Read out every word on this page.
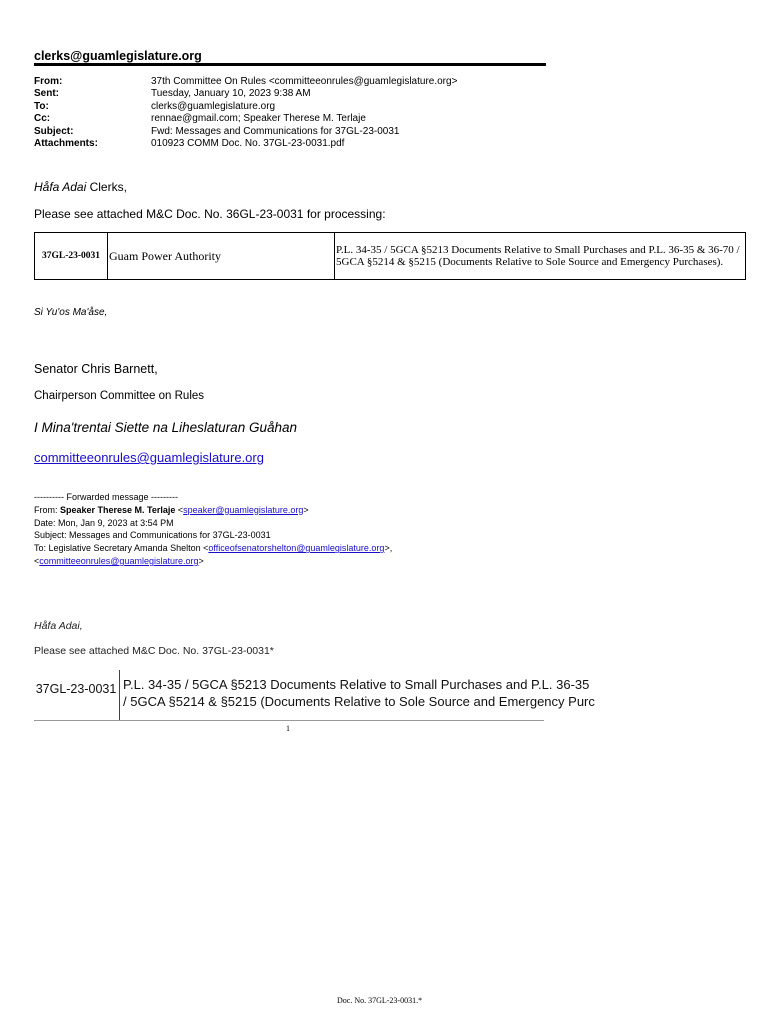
clerks@guamlegislature.org
From:	37th Committee On Rules <committeeonrules@guamlegislature.org>
Sent:	Tuesday, January 10, 2023 9:38 AM
To:	clerks@guamlegislature.org
Cc:	rennae@gmail.com; Speaker Therese M. Terlaje
Subject:	Fwd: Messages and Communications for 37GL-23-0031
Attachments:	010923 COMM Doc. No. 37GL-23-0031.pdf
Håfa Adai Clerks,
Please see attached M&C Doc. No. 36GL-23-0031 for processing:
37GL-23-0031	Guam Power Authority	P.L. 34-35 / 5GCA §5213 Documents Relative to Small Purchases and P.L. 36-35 & 36-70 / 5GCA §5214 & §5215 (Documents Relative to Sole Source and Emergency Purchases).
Si Yu'os Ma'åse,
Senator Chris Barnett,
Chairperson Committee on Rules
I Mina'trentai Siette na Liheslaturan Guåhan
committeeonrules@guamlegislature.org
---------- Forwarded message ---------
From: Speaker Therese M. Terlaje <speaker@guamlegislature.org>
Date: Mon, Jan 9, 2023 at 3:54 PM
Subject: Messages and Communications for 37GL-23-0031
To: Legislative Secretary Amanda Shelton <officeofsenatorshelton@guamlegislature.org>,
<committeeonrules@guamlegislature.org>
Håfa Adai,
Please see attached M&C Doc. No. 37GL-23-0031*
37GL-23-0031 P.L. 34-35 / 5GCA §5213 Documents Relative to Small Purchases and P.L. 36-35
/ 5GCA §5214 & §5215 (Documents Relative to Sole Source and Emergency Purc
1
Doc. No. 37GL-23-0031.*
